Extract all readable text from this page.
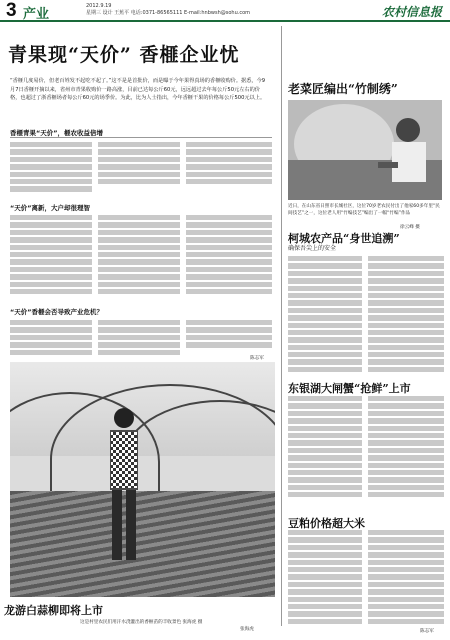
3 产业
2012.9.19
星期三 设计 王蕉平 电话:0371-86565111 E-mail:hnbwsh@sohu.com	农村信息报
青果现“天价” 香榧企业忧
“香榧几度易价，但老百姓发不起吃不起了。”这不是是首批价，而是曝于今年果得真场的香榧收购价。据悉，今9月7日香榧开摘以来，省州市青果收购价一路高涨，目前已达每公斤60元，远远超过去年每公斤50元左右的价格，也超过了浙香榧场者每公斤60元的场季价。为此，比为人士指出，今年香榧干果的价格每公斤500元以上。
香榧青果“天价”，榧农收益倍增
“天价”离新，大户却很理智
“天价”香榧会否导致产业危机？
陈志军
龙游白蒜柳即将上市
这是村里农民们用汗水浇灌出的香榧苗的丰收景色 张海虎 摄
张海虎
老菜匠编出“竹制绣”
近日，在山东省日照市长城社区，这位70岁老农民付出了他家60多年里“民间技艺”之一，这位老人用“竹编技艺”编出了一幅“竹编”作品
徐云峰 摄
柯城农产品“身世追溯”
确保吾尖上的安全
东银湖大闸蟹“抢鲜”上市
豆粕价格超大米
陈志军
